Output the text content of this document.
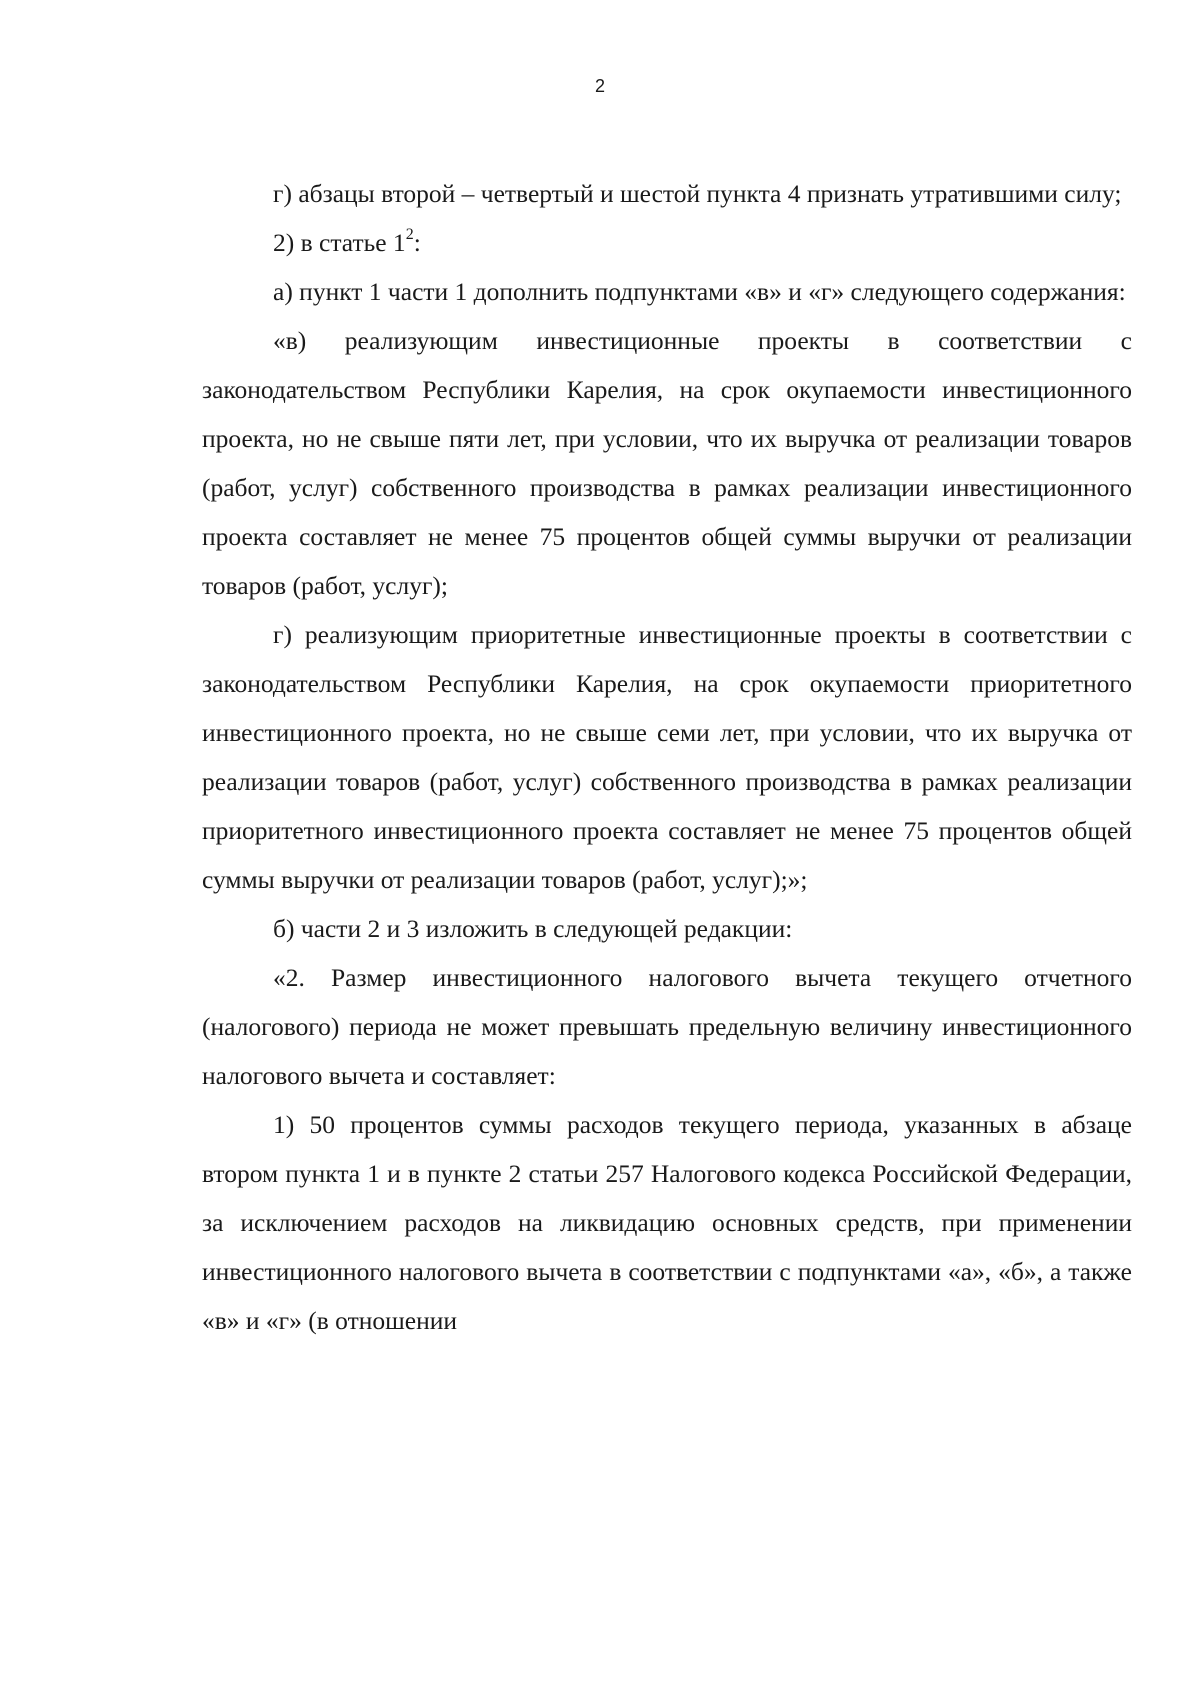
2

г) абзацы второй – четвертый и шестой пункта 4 признать утратившими силу;

2) в статье $1^2$:

а) пункт 1 части 1 дополнить подпунктами «в» и «г» следующего содержания:

«в) реализующим инвестиционные проекты в соответствии с законодательством Республики Карелия, на срок окупаемости инвестиционного проекта, но не свыше пяти лет, при условии, что их выручка от реализации товаров (работ, услуг) собственного производства в рамках реализации инвестиционного проекта составляет не менее 75 процентов общей суммы выручки от реализации товаров (работ, услуг);

г) реализующим приоритетные инвестиционные проекты в соответствии с законодательством Республики Карелия, на срок окупаемости приоритетного инвестиционного проекта, но не свыше семи лет, при условии, что их выручка от реализации товаров (работ, услуг) собственного производства в рамках реализации приоритетного инвестиционного проекта составляет не менее 75 процентов общей суммы выручки от реализации товаров (работ, услуг);»;

б) части 2 и 3 изложить в следующей редакции:

«2. Размер инвестиционного налогового вычета текущего отчетного (налогового) периода не может превышать предельную величину инвестиционного налогового вычета и составляет:

1) 50 процентов суммы расходов текущего периода, указанных в абзаце втором пункта 1 и в пункте 2 статьи 257 Налогового кодекса Российской Федерации, за исключением расходов на ликвидацию основных средств, при применении инвестиционного налогового вычета в соответствии с подпунктами «а», «б», а также «в» и «г» (в отношении
